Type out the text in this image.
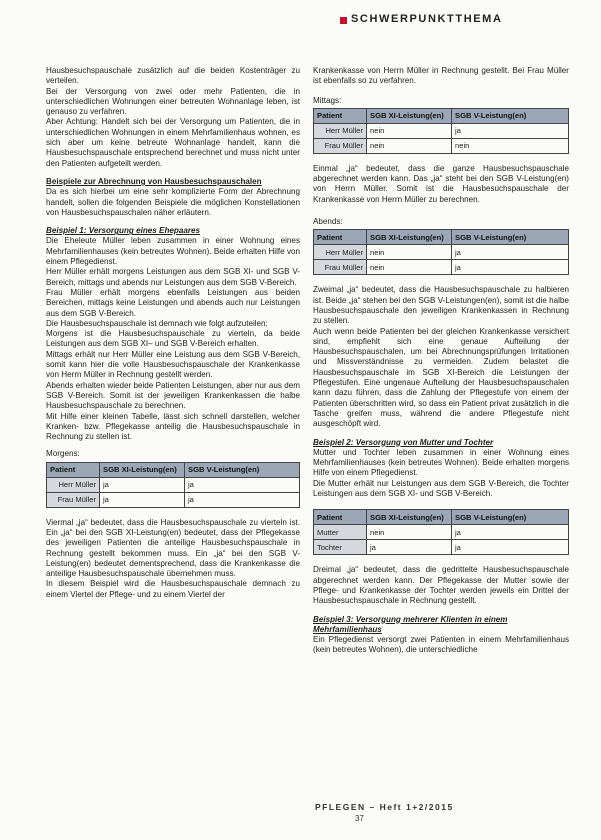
SCHWERPUNKTTHEMA

Hausbesuchspauschale zusätzlich auf die beiden Kostenträger zu verteilen.

Bei der Versorgung von zwei oder mehr Patienten, die in unterschiedlichen Wohnungen einer betreuten Wohnanlage leben, ist genauso zu verfahren.

Aber Achtung: Handelt sich bei der Versorgung um Patienten, die in unterschiedlichen Wohnungen in einem Mehrfamilienhaus wohnen, es sich aber um keine betreute Wohnanlage handelt, kann die Hausbesuchspauschale entsprechend berechnet und muss nicht unter den Patienten aufgeteilt werden.

Beispiele zur Abrechnung von Hausbesuchspauschalen

Da es sich hierbei um eine sehr komplizierte Form der Abrechnung handelt, sollen die folgenden Beispiele die möglichen Konstellationen von Hausbesuchspauschalen näher erläutern.

Beispiel 1: Versorgung eines Ehepaares

Die Eheleute Müller leben zusammen in einer Wohnung eines Mehrfamilienhauses (kein betreutes Wohnen). Beide erhalten Hilfe von einem Pflegedienst.

Herr Müller erhält morgens Leistungen aus dem SGB XI- und SGB V-Bereich, mittags und abends nur Leistungen aus dem SGB V-Bereich.

Frau Müller erhält morgens ebenfalls Leistungen aus beiden Bereichen, mittags keine Leistungen und abends auch nur Leistungen aus dem SGB V-Bereich.

Die Hausbesuchspauschale ist demnach wie folgt aufzuteilen:

Morgens ist die Hausbesuchspauschale zu vierteln, da beide Leistungen aus dem SGB XI– und SGB V-Bereich erhalten.

Mittags erhält nur Herr Müller eine Leistung aus dem SGB V-Bereich, somit kann hier die volle Hausbesuchspauschale der Krankenkasse von Herrn Müller in Rechnung gestellt werden.

Abends erhalten wieder beide Patienten Leistungen, aber nur aus dem SGB V-Bereich. Somit ist der jeweiligen Krankenkassen die halbe Hausbesuchspauschale zu berechnen.

Mit Hilfe einer kleinen Tabelle, lässt sich schnell darstellen, welcher Kranken- bzw. Pflegekasse anteilig die Hausbesuchspauschale in Rechnung zu stellen ist.

Morgens:

Patient	SGB XI-Leistung(en)	SGB V-Leistung(en)
Herr Müller	ja	ja
Frau Müller	ja	ja

Viermal „ja“ bedeutet, dass die Hausbesuchspauschale zu vierteln ist. Ein „ja“ bei den SGB XI-Leistung(en) bedeutet, dass der Pflegekasse des jeweiligen Patienten die anteilige Hausbesuchspauschale in Rechnung gestellt bekommen muss. Ein „ja“ bei den SGB V-Leistung(en) bedeutet dementsprechend, dass die Krankenkasse die anteilige Hausbesuchspauschale übernehmen muss.

In diesem Beispiel wird die Hausbesuchspauschale demnach zu einem Viertel der Pflege- und zu einem Viertel der

Krankenkasse von Herrn Müller in Rechnung gestellt. Bei Frau Müller ist ebenfalls so zu verfahren.

Mittags:

Patient	SGB XI-Leistung(en)	SGB V-Leistung(en)
Herr Müller	nein	ja
Frau Müller	nein	nein

Einmal „ja“ bedeutet, dass die ganze Hausbesuchspauschale abgerechnet werden kann. Das „ja“ steht bei den SGB V-Leistung(en) von Herrn Müller. Somit ist die Hausbesuchspauschale der Krankenkasse von Herrn Müller zu berechnen.

Abends:

Patient	SGB XI-Leistung(en)	SGB V-Leistung(en)
Herr Müller	nein	ja
Frau Müller	nein	ja

Zweimal „ja“ bedeutet, dass die Hausbesuchspauschale zu halbieren ist. Beide „ja“ stehen bei den SGB V-Leistungen(en), somit ist die halbe Hausbesuchspauschale den jeweiligen Krankenkassen in Rechnung zu stellen.

Auch wenn beide Patienten bei der gleichen Krankenkasse versichert sind, empfiehlt sich eine genaue Aufteilung der Hausbesuchspauschalen, um bei Abrechnungsprüfungen Irritationen und Missverständnisse zu vermeiden. Zudem belastet die Hausbesuchspauschale im SGB XI-Bereich die Leistungen der Pflegestufen. Eine ungenaue Aufteilung der Hausbesuchspauschalen kann dazu führen, dass die Zahlung der Pflegestufe von einem der Patienten überschritten wird, so dass ein Patient privat zusätzlich in die Tasche greifen muss, während die andere Pflegestufe nicht ausgeschöpft wird.

Beispiel 2: Versorgung von Mutter und Tochter

Mutter und Tochter leben zusammen in einer Wohnung eines Mehrfamilienhauses (kein betreutes Wohnen). Beide erhalten morgens Hilfe von einem Pflegedienst.

Die Mutter erhält nur Leistungen aus dem SGB V-Bereich, die Tochter Leistungen aus dem SGB XI- und SGB V-Bereich.

Patient	SGB XI-Leistung(en)	SGB V-Leistung(en)
Mutter	nein	ja
Tochter	ja	ja

Dreimal „ja“ bedeutet, dass die gedrittelte Hausbesuchspauschale abgerechnet werden kann. Der Pflegekasse der Mutter sowie der Pflege- und Krankenkasse der Tochter werden jeweils ein Drittel der Hausbesuchspauschale in Rechnung gestellt.

Beispiel 3: Versorgung mehrerer Klienten in einem Mehrfamilienhaus

Ein Pflegedienst versorgt zwei Patienten in einem Mehrfamilienhaus (kein betreutes Wohnen), die unterschiedliche

PFLEGEN – Heft 1+2/2015
37
